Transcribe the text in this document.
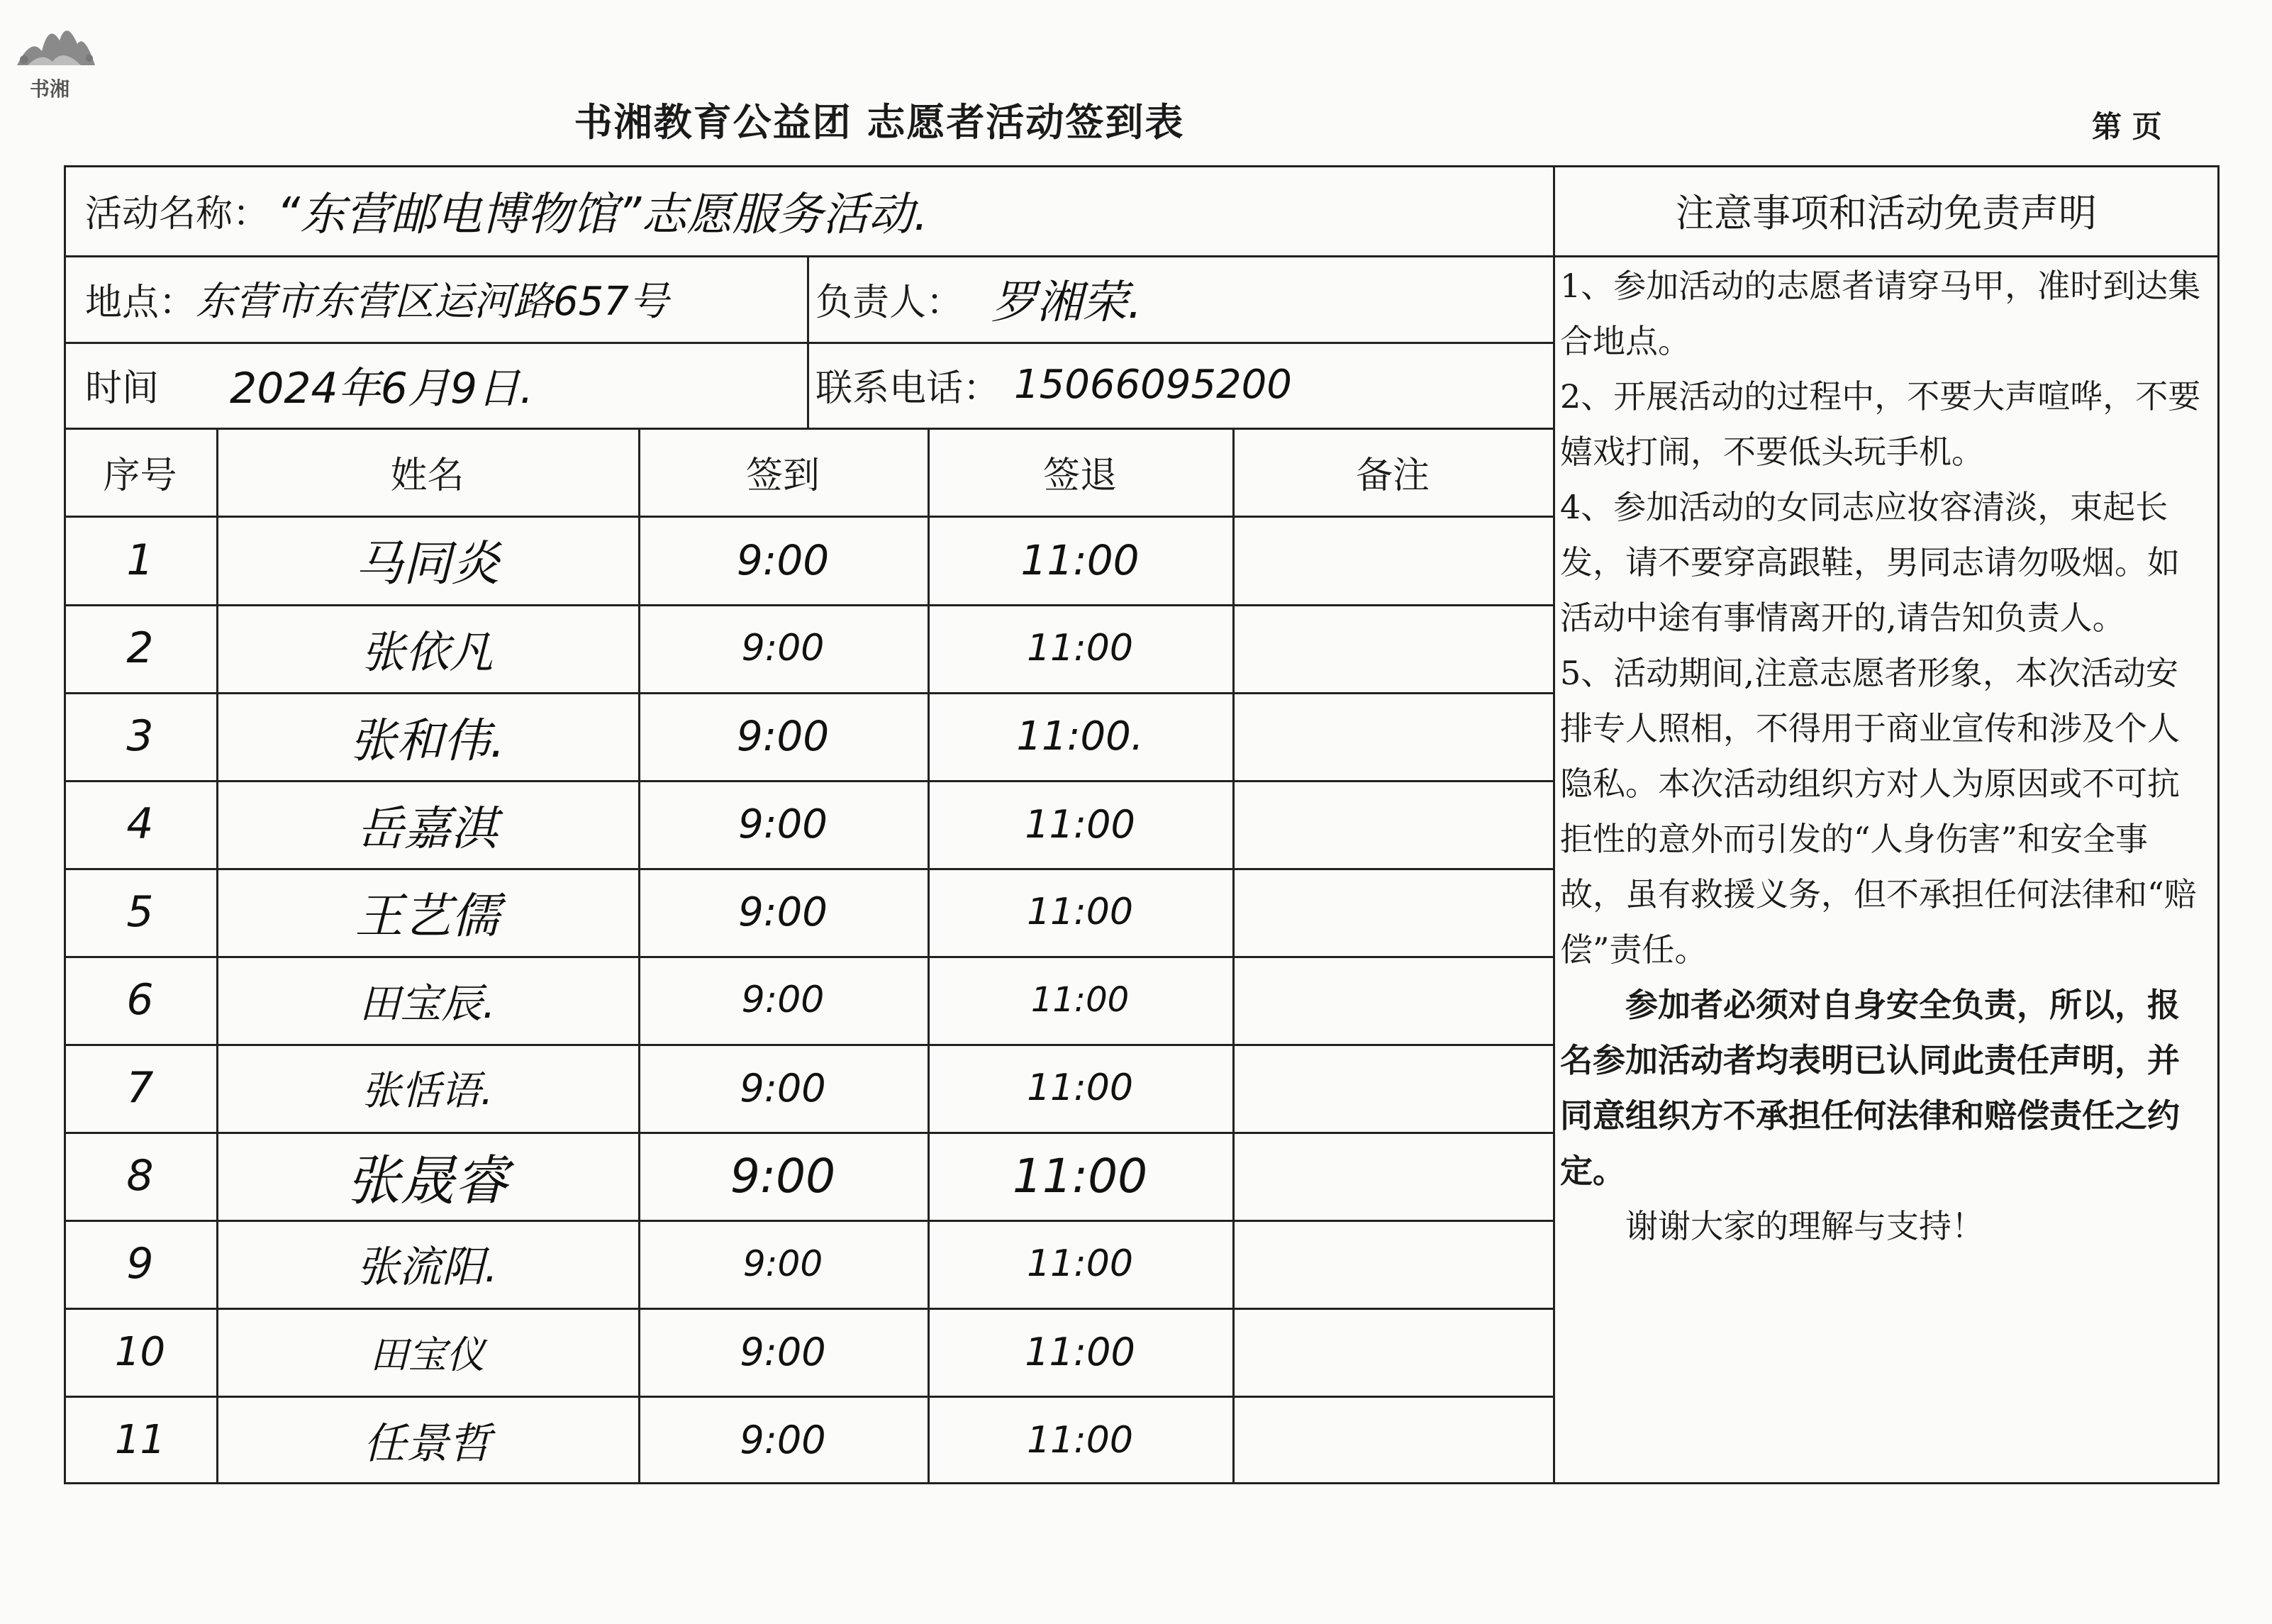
书湘
书湘教育公益团 志愿者活动签到表	第 页
活动名称： “东营邮电博物馆”志愿服务活动.
地点： 东营市东营区运河路657号	负责人： 罗湘荣.
时间 2024年6月9日.	联系电话： 15066095200
序号	姓名	签到	签退	备注
1	马同炎	9:00	11:00
2	张依凡	9:00	11:00
3	张和伟.	9:00	11:00.
4	岳嘉淇	9:00	11:00
5	王艺儒	9:00	11:00
6	田宝辰.	9:00	11:00
7	张恬语.	9:00	11:00
8	张晟睿	9:00	11:00
9	张流阳.	9:00	11:00
10	田宝仪	9:00	11:00
11	任景哲	9:00	11:00
注意事项和活动免责声明

1、参加活动的志愿者请穿马甲，准时到达集合地点。

2、开展活动的过程中，不要大声喧哗，不要嬉戏打闹，不要低头玩手机。

4、参加活动的女同志应妆容清淡，束起长发，请不要穿高跟鞋，男同志请勿吸烟。如活动中途有事情离开的,请告知负责人。

5、活动期间,注意志愿者形象，本次活动安排专人照相，不得用于商业宣传和涉及个人隐私。本次活动组织方对人为原因或不可抗拒性的意外而引发的“人身伤害”和安全事故，虽有救援义务，但不承担任何法律和“赔偿”责任。

参加者必须对自身安全负责，所以，报名参加活动者均表明已认同此责任声明，并同意组织方不承担任何法律和赔偿责任之约定。

谢谢大家的理解与支持！
